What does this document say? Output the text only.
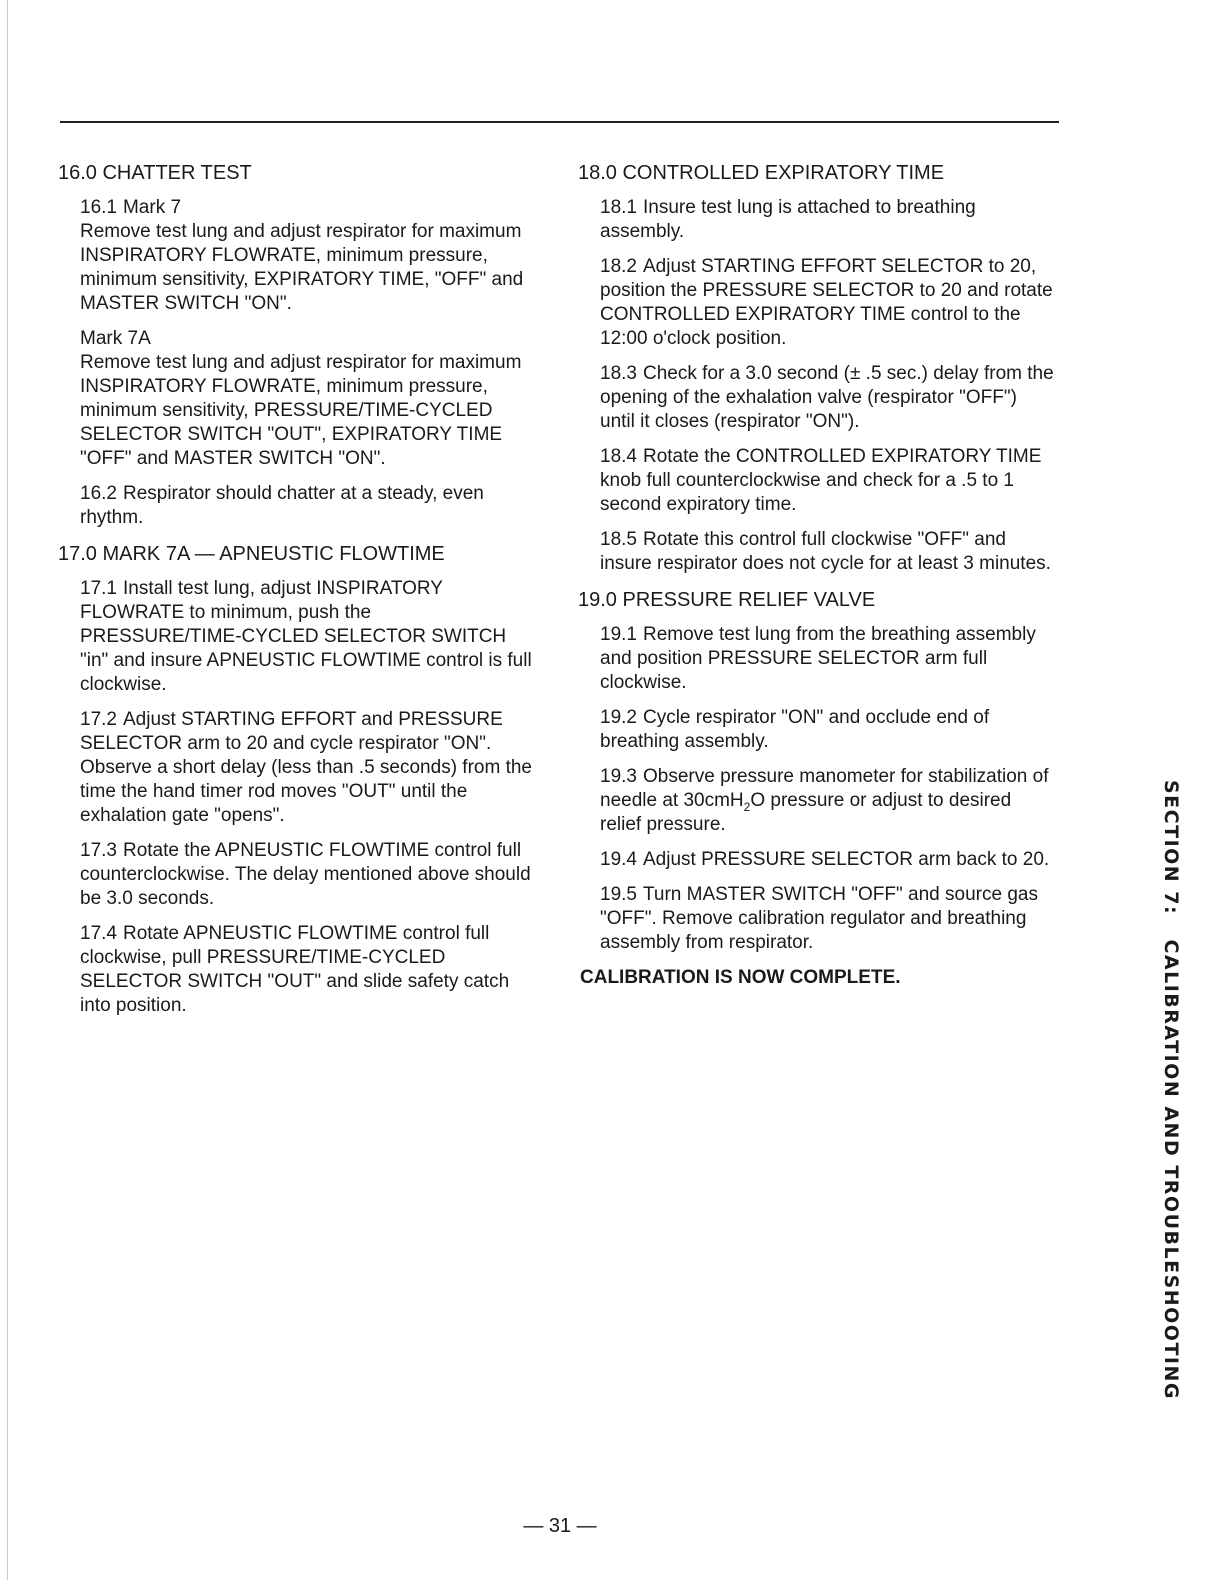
16.0 CHATTER TEST
16.1 Mark 7
Remove test lung and adjust respirator for maximum INSPIRATORY FLOWRATE, minimum pressure, minimum sensitivity, EXPIRATORY TIME, "OFF" and MASTER SWITCH "ON".
Mark 7A
Remove test lung and adjust respirator for maximum INSPIRATORY FLOWRATE, minimum pressure, minimum sensitivity, PRESSURE/TIME-CYCLED SELECTOR SWITCH "OUT", EXPIRATORY TIME "OFF" and MASTER SWITCH "ON".
16.2 Respirator should chatter at a steady, even rhythm.
17.0 MARK 7A — APNEUSTIC FLOWTIME
17.1 Install test lung, adjust INSPIRATORY FLOWRATE to minimum, push the PRESSURE/TIME-CYCLED SELECTOR SWITCH "in" and insure APNEUSTIC FLOWTIME control is full clockwise.
17.2 Adjust STARTING EFFORT and PRESSURE SELECTOR arm to 20 and cycle respirator "ON". Observe a short delay (less than .5 seconds) from the time the hand timer rod moves "OUT" until the exhalation gate "opens".
17.3 Rotate the APNEUSTIC FLOWTIME control full counterclockwise. The delay mentioned above should be 3.0 seconds.
17.4 Rotate APNEUSTIC FLOWTIME control full clockwise, pull PRESSURE/TIME-CYCLED SELECTOR SWITCH "OUT" and slide safety catch into position.
18.0 CONTROLLED EXPIRATORY TIME
18.1 Insure test lung is attached to breathing assembly.
18.2 Adjust STARTING EFFORT SELECTOR to 20, position the PRESSURE SELECTOR to 20 and rotate CONTROLLED EXPIRATORY TIME control to the 12:00 o'clock position.
18.3 Check for a 3.0 second (± .5 sec.) delay from the opening of the exhalation valve (respirator "OFF") until it closes (respirator "ON").
18.4 Rotate the CONTROLLED EXPIRATORY TIME knob full counterclockwise and check for a .5 to 1 second expiratory time.
18.5 Rotate this control full clockwise "OFF" and insure respirator does not cycle for at least 3 minutes.
19.0 PRESSURE RELIEF VALVE
19.1 Remove test lung from the breathing assembly and position PRESSURE SELECTOR arm full clockwise.
19.2 Cycle respirator "ON" and occlude end of breathing assembly.
19.3 Observe pressure manometer for stabilization of needle at 30cmH$_2$O pressure or adjust to desired relief pressure.
19.4 Adjust PRESSURE SELECTOR arm back to 20.
19.5 Turn MASTER SWITCH "OFF" and source gas "OFF". Remove calibration regulator and breathing assembly from respirator.
CALIBRATION IS NOW COMPLETE.	SECTION 7:   CALIBRATION AND TROUBLESHOOTING
— 31 —
